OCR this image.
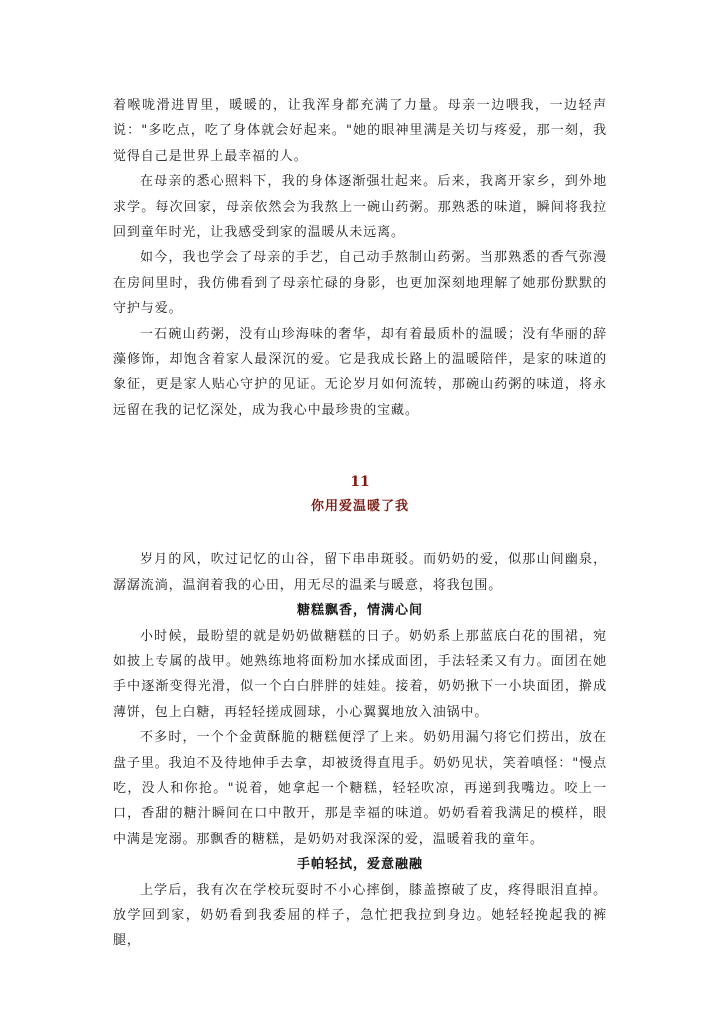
着喉咙滑进胃里，暖暖的，让我浑身都充满了力量。母亲一边喂我，一边轻声说："多吃点，吃了身体就会好起来。"她的眼神里满是关切与疼爱，那一刻，我觉得自己是世界上最幸福的人。

在母亲的悉心照料下，我的身体逐渐强壮起来。后来，我离开家乡，到外地求学。每次回家，母亲依然会为我熬上一碗山药粥。那熟悉的味道，瞬间将我拉回到童年时光，让我感受到家的温暖从未远离。

如今，我也学会了母亲的手艺，自己动手熬制山药粥。当那熟悉的香气弥漫在房间里时，我仿佛看到了母亲忙碌的身影，也更加深刻地理解了她那份默默的守护与爱。

一石碗山药粥，没有山珍海味的奢华，却有着最质朴的温暖；没有华丽的辞藻修饰，却饱含着家人最深沉的爱。它是我成长路上的温暖陪伴，是家的味道的象征，更是家人贴心守护的见证。无论岁月如何流转，那碗山药粥的味道，将永远留在我的记忆深处，成为我心中最珍贵的宝藏。

11
你用爱温暖了我

岁月的风，吹过记忆的山谷，留下串串斑驳。而奶奶的爱，似那山间幽泉，潺潺流淌，温润着我的心田，用无尽的温柔与暖意，将我包围。

糖糕飘香，情满心间

小时候，最盼望的就是奶奶做糖糕的日子。奶奶系上那蓝底白花的围裙，宛如披上专属的战甲。她熟练地将面粉加水揉成面团，手法轻柔又有力。面团在她手中逐渐变得光滑，似一个白白胖胖的娃娃。接着，奶奶揪下一小块面团，擀成薄饼，包上白糖，再轻轻搓成圆球，小心翼翼地放入油锅中。

不多时，一个个金黄酥脆的糖糕便浮了上来。奶奶用漏勺将它们捞出，放在盘子里。我迫不及待地伸手去拿，却被烫得直甩手。奶奶见状，笑着嗔怪："慢点吃，没人和你抢。"说着，她拿起一个糖糕，轻轻吹凉，再递到我嘴边。咬上一口，香甜的糖汁瞬间在口中散开，那是幸福的味道。奶奶看着我满足的模样，眼中满是宠溺。那飘香的糖糕，是奶奶对我深深的爱，温暖着我的童年。

手帕轻拭，爱意融融

上学后，我有次在学校玩耍时不小心摔倒，膝盖擦破了皮，疼得眼泪直掉。放学回到家，奶奶看到我委屈的样子，急忙把我拉到身边。她轻轻挽起我的裤腿，
